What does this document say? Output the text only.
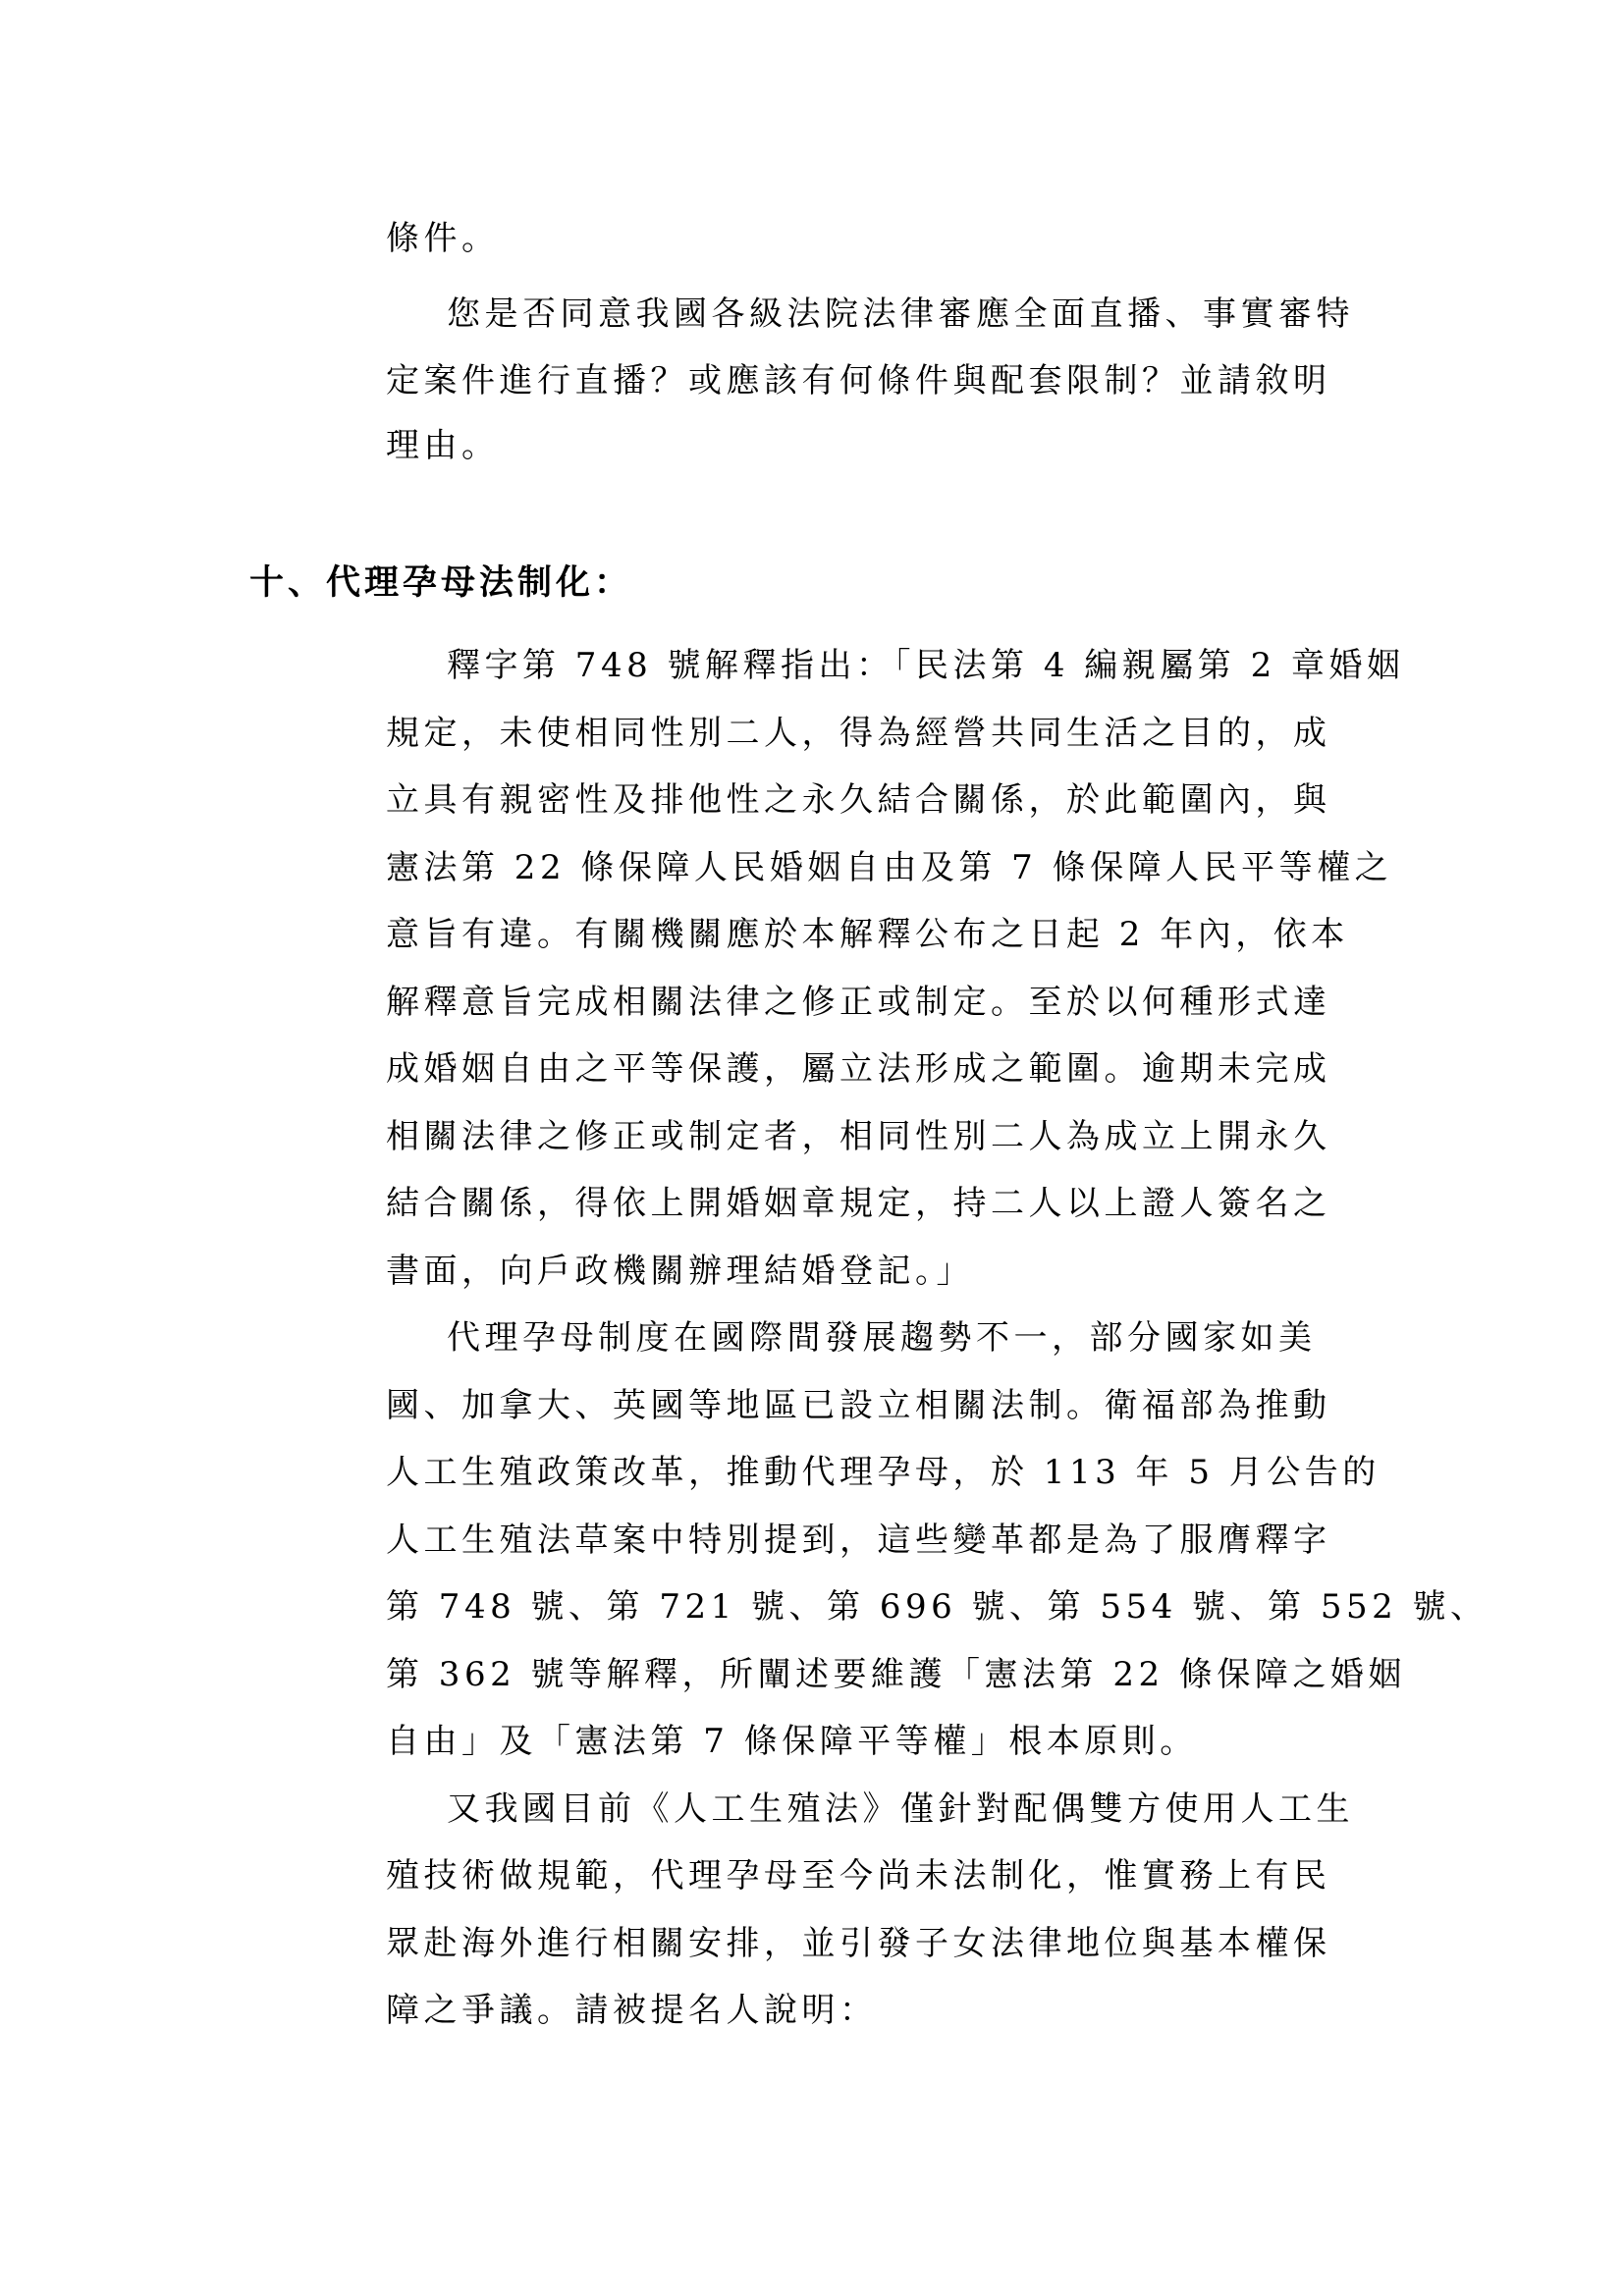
條件。
您是否同意我國各級法院法律審應全面直播、事實審特
定案件進行直播？或應該有何條件與配套限制？並請敘明
理由。
十、代理孕母法制化：
釋字第 748 號解釋指出：「民法第 4 編親屬第 2 章婚姻
規定，未使相同性別二人，得為經營共同生活之目的，成
立具有親密性及排他性之永久結合關係，於此範圍內，與
憲法第 22 條保障人民婚姻自由及第 7 條保障人民平等權之
意旨有違。有關機關應於本解釋公布之日起 2 年內，依本
解釋意旨完成相關法律之修正或制定。至於以何種形式達
成婚姻自由之平等保護，屬立法形成之範圍。逾期未完成
相關法律之修正或制定者，相同性別二人為成立上開永久
結合關係，得依上開婚姻章規定，持二人以上證人簽名之
書面，向戶政機關辦理結婚登記。」
代理孕母制度在國際間發展趨勢不一，部分國家如美
國、加拿大、英國等地區已設立相關法制。衛福部為推動
人工生殖政策改革，推動代理孕母，於 113 年 5 月公告的
人工生殖法草案中特別提到，這些變革都是為了服膺釋字
第 748 號、第 721 號、第 696 號、第 554 號、第 552 號、
第 362 號等解釋，所闡述要維護「憲法第 22 條保障之婚姻
自由」及「憲法第 7 條保障平等權」根本原則。
又我國目前《人工生殖法》僅針對配偶雙方使用人工生
殖技術做規範，代理孕母至今尚未法制化，惟實務上有民
眾赴海外進行相關安排，並引發子女法律地位與基本權保
障之爭議。請被提名人說明：
